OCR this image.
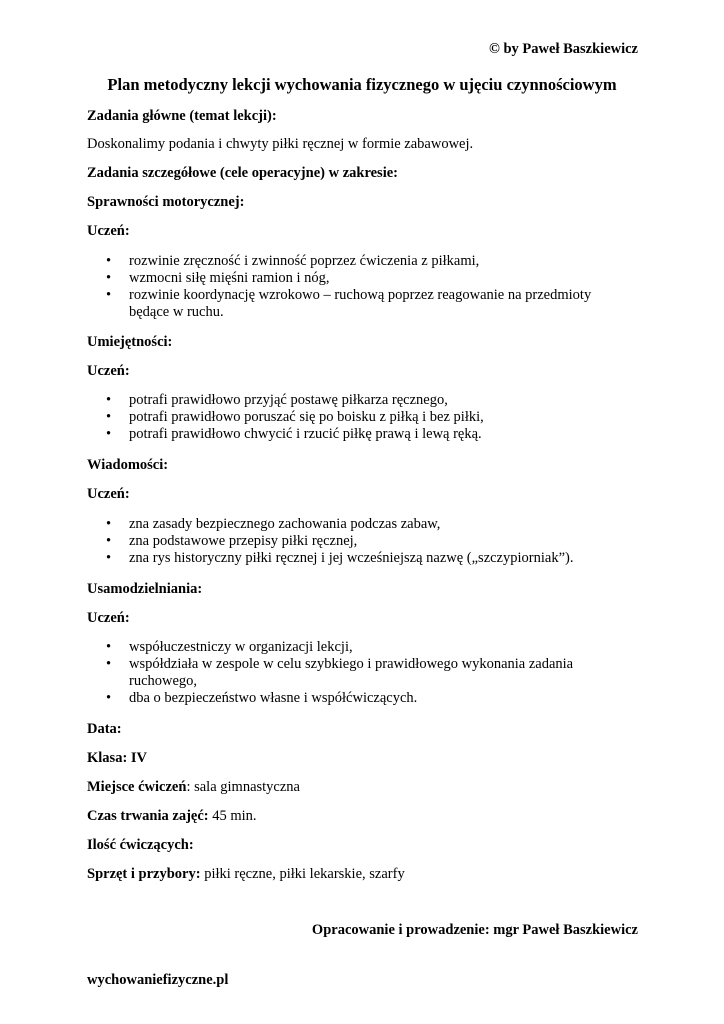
© by Paweł Baszkiewicz
Plan metodyczny lekcji wychowania fizycznego w ujęciu czynnościowym
Zadania główne (temat lekcji):
Doskonalimy podania i chwyty piłki ręcznej w formie zabawowej.
Zadania szczegółowe (cele operacyjne) w zakresie:
Sprawności motorycznej:
Uczeń:
• rozwinie zręczność i zwinność poprzez ćwiczenia z piłkami,
• wzmocni siłę mięśni ramion i nóg,
• rozwinie koordynację wzrokowo – ruchową poprzez reagowanie na przedmioty
będące w ruchu.
Umiejętności:
Uczeń:
• potrafi prawidłowo przyjąć postawę piłkarza ręcznego,
• potrafi prawidłowo poruszać się po boisku z piłką i bez piłki,
• potrafi prawidłowo chwycić i rzucić piłkę prawą i lewą ręką.
Wiadomości:
Uczeń:
• zna zasady bezpiecznego zachowania podczas zabaw,
• zna podstawowe przepisy piłki ręcznej,
• zna rys historyczny piłki ręcznej i jej wcześniejszą nazwę („szczypiorniak”).
Usamodzielniania:
Uczeń:
• współuczestniczy w organizacji lekcji,
• współdziała w zespole w celu szybkiego i prawidłowego wykonania zadania
ruchowego,
• dba o bezpieczeństwo własne i współćwiczących.
Data:
Klasa: IV
Miejsce ćwiczeń: sala gimnastyczna
Czas trwania zajęć: 45 min.
Ilość ćwiczących:
Sprzęt i przybory: piłki ręczne, piłki lekarskie, szarfy
Opracowanie i prowadzenie: mgr Paweł Baszkiewicz
wychowaniefizyczne.pl
